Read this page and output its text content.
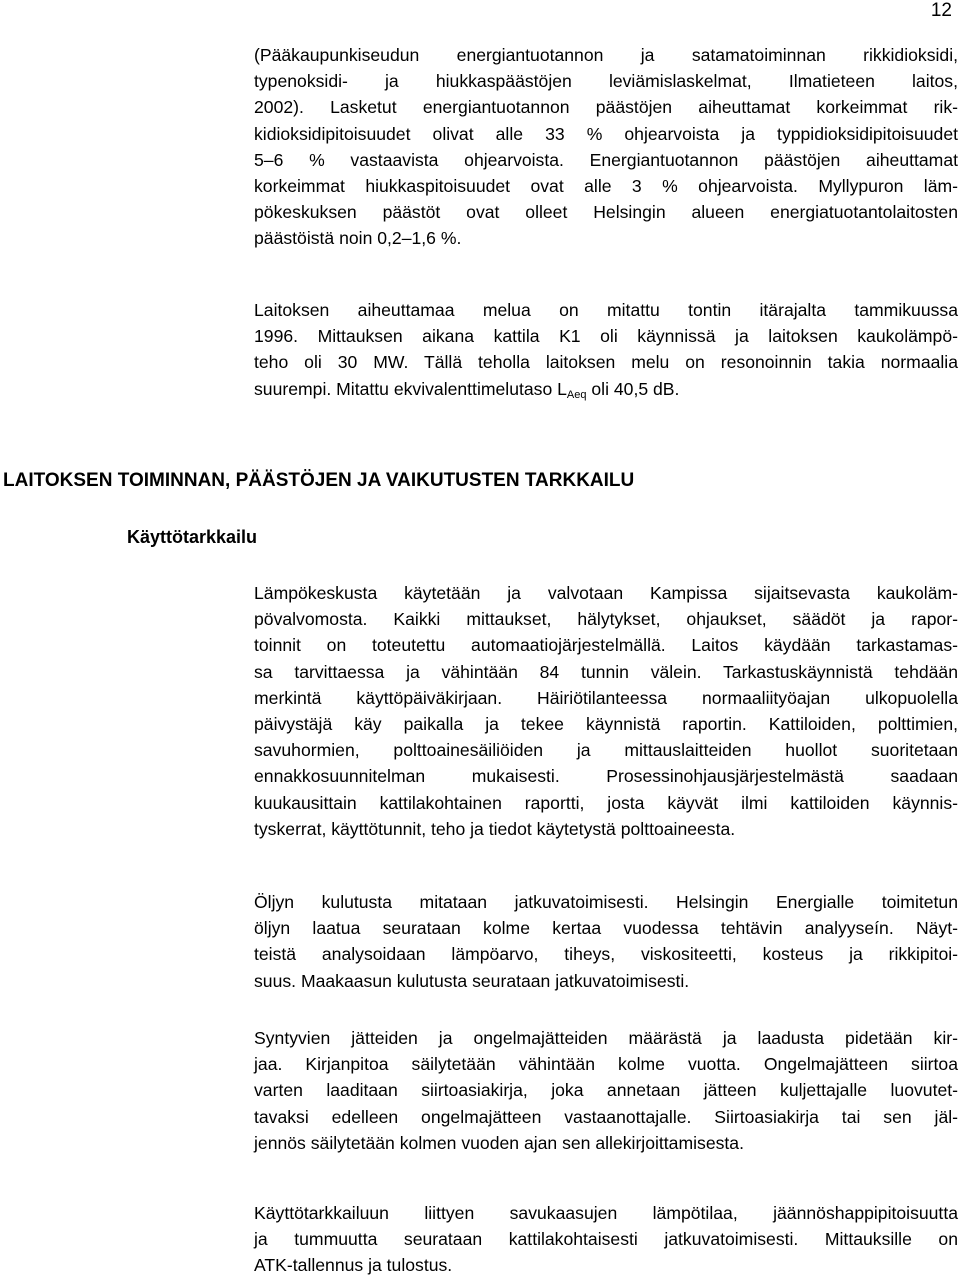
12
(Pääkaupunkiseudun energiantuotannon ja satamatoiminnan rikkidioksidi,
typenoksidi- ja hiukkaspäästöjen leviämislaskelmat, Ilmatieteen laitos,
2002). Lasketut energiantuotannon päästöjen aiheuttamat korkeimmat rik-
kidioksidipitoisuudet olivat alle 33 % ohjearvoista ja typpidioksidipitoisuudet
5–6 % vastaavista ohjearvoista. Energiantuotannon päästöjen aiheuttamat
korkeimmat hiukkaspitoisuudet ovat alle 3 % ohjearvoista. Myllypuron läm-
pökeskuksen päästöt ovat olleet Helsingin alueen energiatuotantolaitosten
päästöistä noin 0,2–1,6 %.
Laitoksen aiheuttamaa melua on mitattu tontin itärajalta tammikuussa
1996. Mittauksen aikana kattila K1 oli käynnissä ja laitoksen kaukolämpö-
teho oli 30 MW. Tällä teholla laitoksen melu on resonoinnin takia normaalia
suurempi. Mitattu ekvivalenttimelutaso $L_{Aeq}$ oli 40,5 dB.
LAITOKSEN TOIMINNAN, PÄÄSTÖJEN JA VAIKUTUSTEN TARKKAILU
Käyttötarkkailu
Lämpökeskusta käytetään ja valvotaan Kampissa sijaitsevasta kaukoläm-
pövalvomosta. Kaikki mittaukset, hälytykset, ohjaukset, säädöt ja rapor-
toinnit on toteutettu automaatiojärjestelmällä. Laitos käydään tarkastamas-
sa tarvittaessa ja vähintään 84 tunnin välein. Tarkastuskäynnistä tehdään
merkintä käyttöpäiväkirjaan. Häiriötilanteessa normaaliityöajan ulkopuolella
päivystäjä käy paikalla ja tekee käynnistä raportin. Kattiloiden, polttimien,
savuhormien, polttoainesäiliöiden ja mittauslaitteiden huollot suoritetaan
ennakkosuunnitelman mukaisesti. Prosessinohjausjärjestelmästä saadaan
kuukausittain kattilakohtainen raportti, josta käyvät ilmi kattiloiden käynnis-
tyskerrat, käyttötunnit, teho ja tiedot käytetystä polttoaineesta.
Öljyn kulutusta mitataan jatkuvatoimisesti. Helsingin Energialle toimitetun
öljyn laatua seurataan kolme kertaa vuodessa tehtävin analyyseín. Näyt-
teistä analysoidaan lämpöarvo, tiheys, viskositeetti, kosteus ja rikkipitoi-
suus. Maakaasun kulutusta seurataan jatkuvatoimisesti.
Syntyvien jätteiden ja ongelmajätteiden määrästä ja laadusta pidetään kir-
jaa. Kirjanpitoa säilytetään vähintään kolme vuotta. Ongelmajätteen siirtoa
varten laaditaan siirtoasiakirja, joka annetaan jätteen kuljettajalle luovutet-
tavaksi edelleen ongelmajätteen vastaanottajalle. Siirtoasiakirja tai sen jäl-
jennös säilytetään kolmen vuoden ajan sen allekirjoittamisesta.
Käyttötarkkailuun liittyen savukaasujen lämpötilaa, jäännöshappipitoisuutta
ja tummuutta seurataan kattilakohtaisesti jatkuvatoimisesti. Mittauksille on
ATK-tallennus ja tulostus.
